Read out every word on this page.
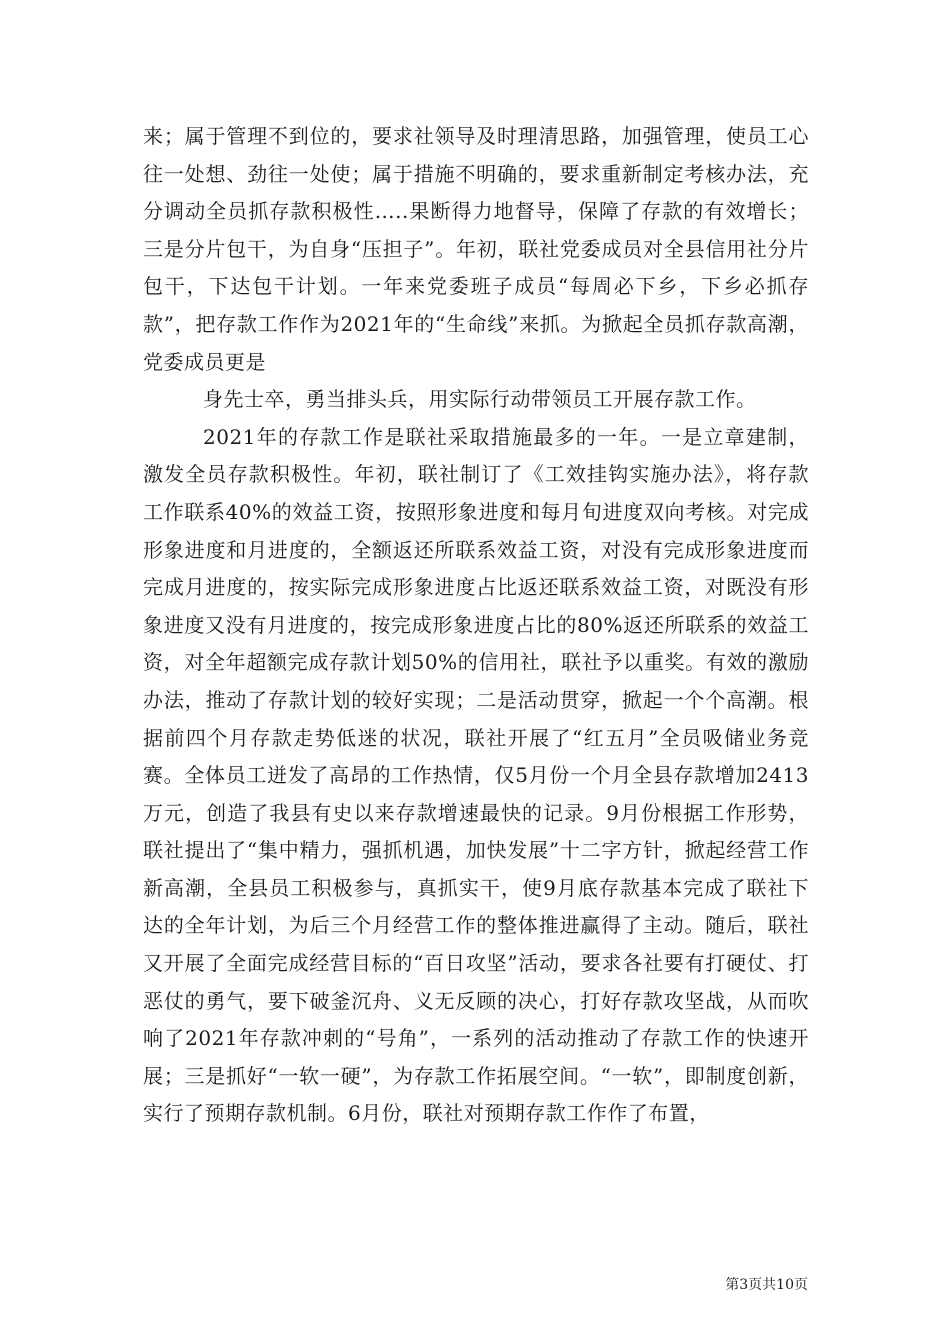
来；属于管理不到位的，要求社领导及时理清思路，加强管理，使员工心往一处想、劲往一处使；属于措施不明确的，要求重新制定考核办法，充分调动全员抓存款积极性…..果断得力地督导，保障了存款的有效增长；三是分片包干，为自身“压担子”。年初，联社党委成员对全县信用社分片包干，下达包干计划。一年来党委班子成员“每周必下乡，下乡必抓存款”，把存款工作作为2021年的“生命线”来抓。为掀起全员抓存款高潮，党委成员更是

身先士卒，勇当排头兵，用实际行动带领员工开展存款工作。

2021年的存款工作是联社采取措施最多的一年。一是立章建制，激发全员存款积极性。年初，联社制订了《工效挂钩实施办法》，将存款工作联系40%的效益工资，按照形象进度和每月旬进度双向考核。对完成形象进度和月进度的，全额返还所联系效益工资，对没有完成形象进度而完成月进度的，按实际完成形象进度占比返还联系效益工资，对既没有形象进度又没有月进度的，按完成形象进度占比的80%返还所联系的效益工资，对全年超额完成存款计划50%的信用社，联社予以重奖。有效的激励办法，推动了存款计划的较好实现；二是活动贯穿，掀起一个个高潮。根据前四个月存款走势低迷的状况，联社开展了“红五月”全员吸储业务竞赛。全体员工迸发了高昂的工作热情，仅5月份一个月全县存款增加2413万元，创造了我县有史以来存款增速最快的记录。9月份根据工作形势，联社提出了“集中精力，强抓机遇，加快发展”十二字方针，掀起经营工作新高潮，全县员工积极参与，真抓实干，使9月底存款基本完成了联社下达的全年计划，为后三个月经营工作的整体推进赢得了主动。随后，联社又开展了全面完成经营目标的“百日攻坚”活动，要求各社要有打硬仗、打恶仗的勇气，要下破釜沉舟、义无反顾的决心，打好存款攻坚战，从而吹响了2021年存款冲刺的“号角”，一系列的活动推动了存款工作的快速开展；三是抓好“一软一硬”，为存款工作拓展空间。“一软”，即制度创新，实行了预期存款机制。6月份，联社对预期存款工作作了布置，

第3页共10页
